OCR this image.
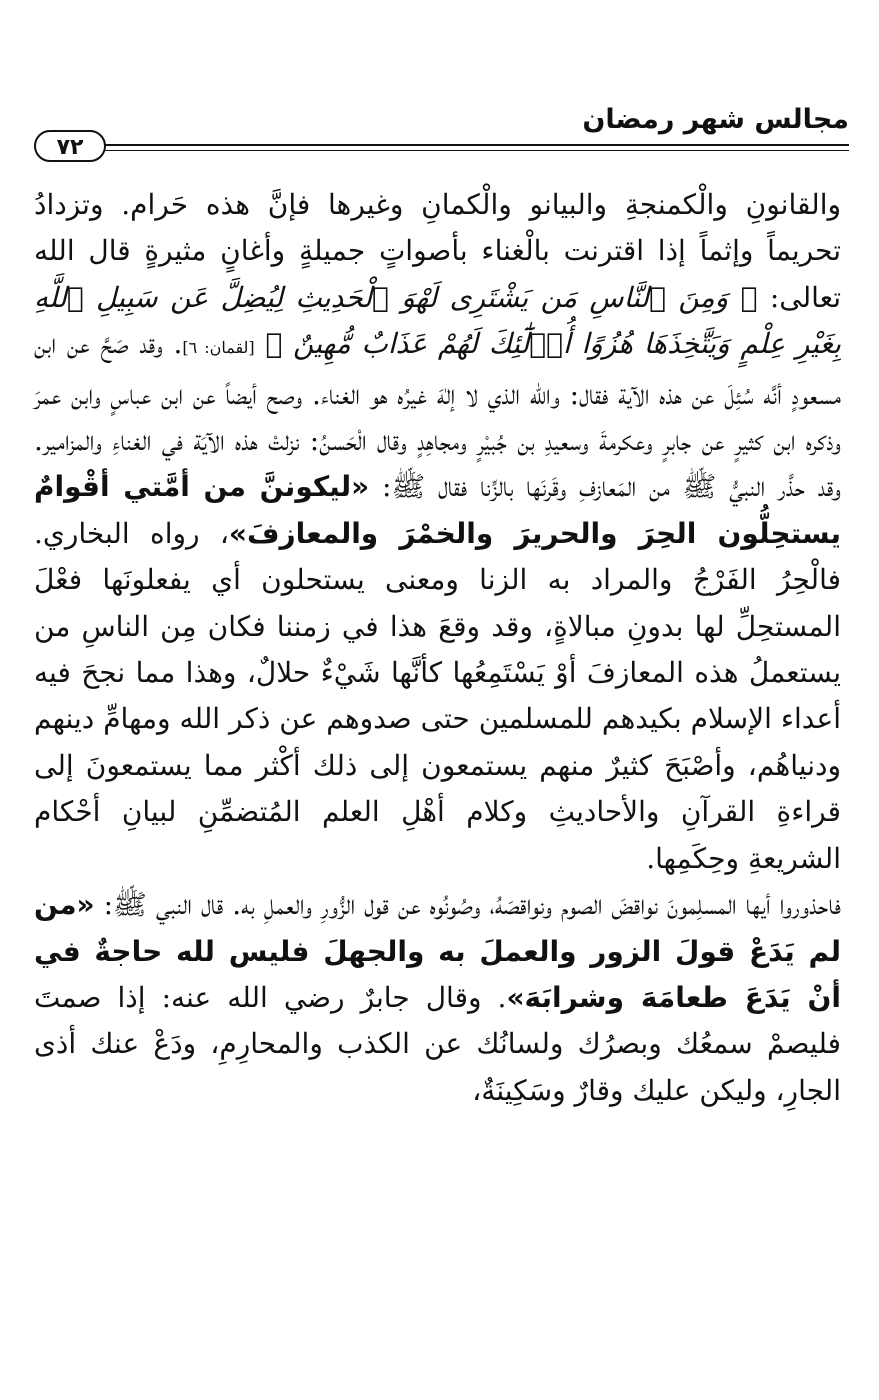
مجالس شهر رمضان
٧٢

والقانونِ والْكمنجةِ والبيانو والْكمانِ وغيرها فإنَّ هذه حَرام. وتزدادُ تحريماً وإثماً إذا اقترنت بالْغناء بأصواتٍ جميلةٍ وأغانٍ مثيرةٍ قال الله تعالى: ﴿ وَمِنَ ٱلنَّاسِ مَن يَشْتَرِى لَهْوَ ٱلْحَدِيثِ لِيُضِلَّ عَن سَبِيلِ ٱللَّهِ بِغَيْرِ عِلْمٍ وَيَتَّخِذَهَا هُزُوًا أُو۟لَٰٓئِكَ لَهُمْ عَذَابٌ مُّهِينٌ ﴾ [لقمان: ٦]. وقد صَحَّ عن ابن مسعودٍ أنَّه سُئِلَ عن هذه الآية فقال: والله الذي لا إلٰهَ غيرُه هو الغناء. وصح أيضاً عن ابن عباسٍ وابن عمرَ وذكره ابن كثيرٍ عن جابرٍ وعكرمةَ وسعيدِ بن جُبيْرٍ ومجاهِدٍ وقال الْحَسنُ: نزلتْ هذه الآيَة في الغناءِ والمزامير. وقد حذَّر النبيُّ ﷺ من المَعازفِ وقَرنَها بالزِّنا فقال ﷺ: «ليكوننَّ من أمَّتي أقْوامٌ يستحِلُّون الحِرَ والحريرَ والخمْرَ والمعازفَ»، رواه البخاري. فالْحِرُ الفَرْجُ والمراد به الزنا ومعنى يستحلون أي يفعلونَها فعْلَ المستحِلِّ لها بدونِ مبالاةٍ، وقد وقعَ هذا في زمننا فكان مِن الناسِ من يستعملُ هذه المعازفَ أوْ يَسْتَمِعُها كأنَّها شَيْءٌ حلالٌ، وهذا مما نجحَ فيه أعداء الإسلام بكيدهم للمسلمين حتى صدوهم عن ذكر الله ومهامِّ دينهم ودنياهُم، وأصْبَحَ كثيرٌ منهم يستمعون إلى ذلك أكْثر مما يستمعونَ إلى قراءةِ القرآنِ والأحاديثِ وكلام أهْلِ العلم المُتضمِّنِ لبيانِ أحْكام الشريعةِ وحِكَمِها.

فاحذوروا أيها المسلِمونَ نواقضَ الصوم ونواقصَهُ، وصُونُوه عن قول الزُّورِ والعملِ به. قال النبي ﷺ: «من لم يَدَعْ قولَ الزور والعملَ به والجهلَ فليس لله حاجةٌ في أنْ يَدَعَ طعامَهَ وشرابَهَ». وقال جابرٌ رضي الله عنه: إذا صمتَ فليصمْ سمعُك وبصرُك ولسانُك عن الكذب والمحارِمِ، ودَعْ عنك أذى الجارِ، وليكن عليك وقارٌ وسَكِينَةٌ،
